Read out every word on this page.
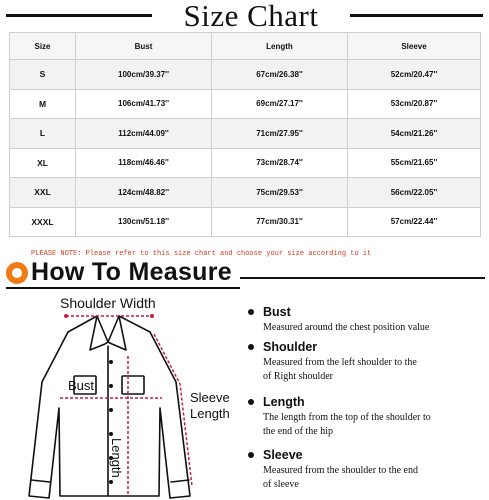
Size Chart
Size	Bust	Length	Sleeve
S	100cm/39.37''	67cm/26.38''	52cm/20.47''
M	106cm/41.73''	69cm/27.17''	53cm/20.87''
L	112cm/44.09''	71cm/27.95''	54cm/21.26''
XL	118cm/46.46''	73cm/28.74''	55cm/21.65''
XXL	124cm/48.82''	75cm/29.53''	56cm/22.05''
XXXL	130cm/51.18''	77cm/30.31''	57cm/22.44''
PLEASE NOTE: Please refer to this size chart and choose your size according to it
How To Measure
Shoulder Width
Bust
Length
Sleeve
Length
Bust
Measured around the chest position value
Shoulder
Measured from the left shoulder to the
of Right shoulder
Length
The length from the top of the shoulder to
the end of the hip
Sleeve
Measured from the shoulder to the end
of sleeve
